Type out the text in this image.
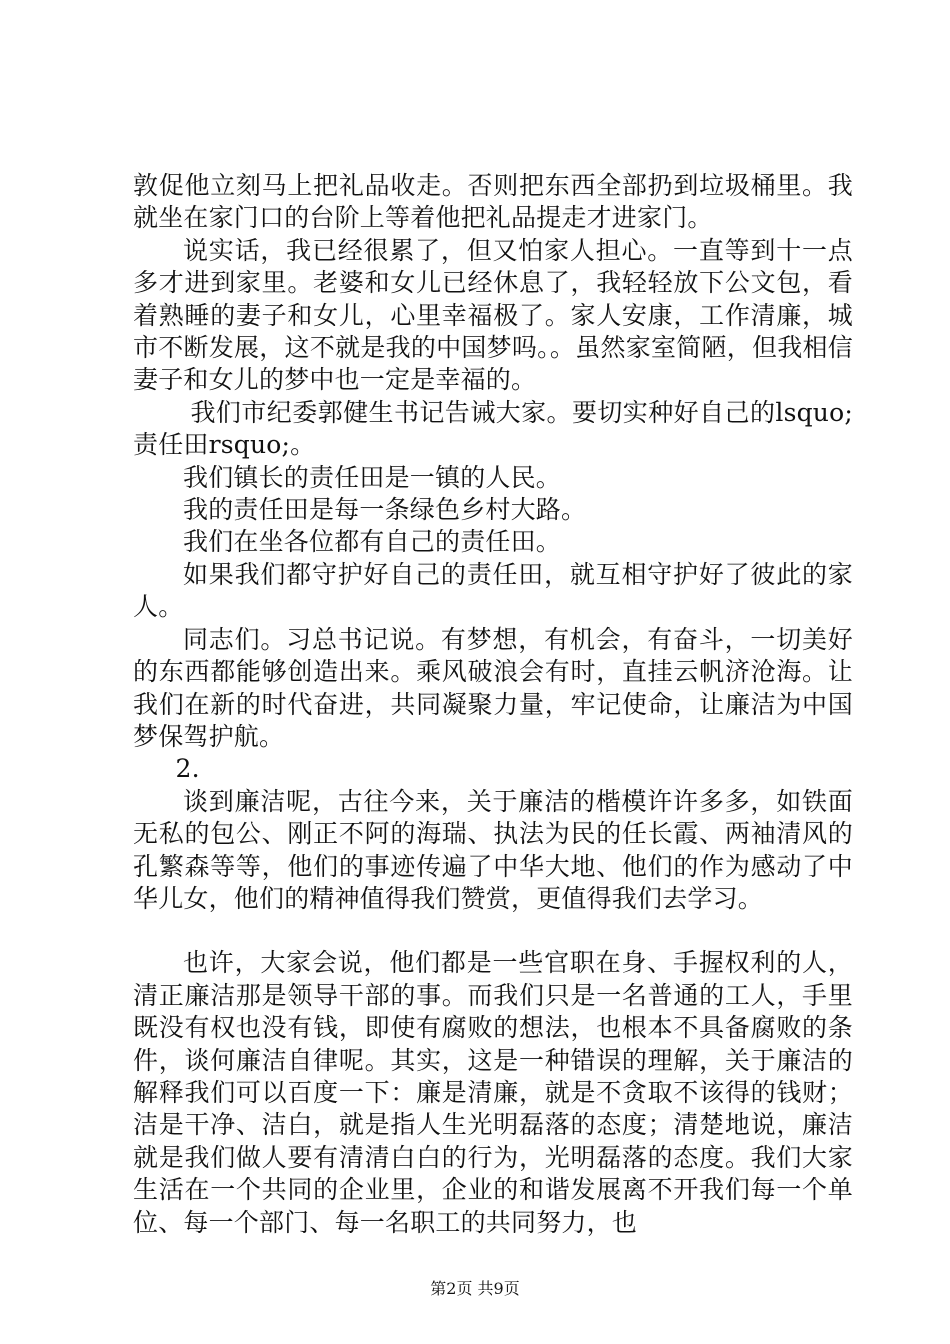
敦促他立刻马上把礼品收走。否则把东西全部扔到垃圾桶里。我就坐在家门口的台阶上等着他把礼品提走才进家门。

说实话，我已经很累了，但又怕家人担心。一直等到十一点多才进到家里。老婆和女儿已经休息了，我轻轻放下公文包，看着熟睡的妻子和女儿，心里幸福极了。家人安康，工作清廉，城市不断发展，这不就是我的中国梦吗。。虽然家室简陋，但我相信妻子和女儿的梦中也一定是幸福的。

我们市纪委郭健生书记告诫大家。要切实种好自己的lsquo;责任田rsquo;。

我们镇长的责任田是一镇的人民。

我的责任田是每一条绿色乡村大路。

我们在坐各位都有自己的责任田。

如果我们都守护好自己的责任田，就互相守护好了彼此的家人。

同志们。习总书记说。有梦想，有机会，有奋斗，一切美好的东西都能够创造出来。乘风破浪会有时，直挂云帆济沧海。让我们在新的时代奋进，共同凝聚力量，牢记使命，让廉洁为中国梦保驾护航。

2.

谈到廉洁呢，古往今来，关于廉洁的楷模许许多多，如铁面无私的包公、刚正不阿的海瑞、执法为民的任长霞、两袖清风的孔繁森等等，他们的事迹传遍了中华大地、他们的作为感动了中华儿女，他们的精神值得我们赞赏，更值得我们去学习。

也许，大家会说，他们都是一些官职在身、手握权利的人，清正廉洁那是领导干部的事。而我们只是一名普通的工人，手里既没有权也没有钱，即使有腐败的想法，也根本不具备腐败的条件，谈何廉洁自律呢。其实，这是一种错误的理解，关于廉洁的解释我们可以百度一下：廉是清廉，就是不贪取不该得的钱财；洁是干净、洁白，就是指人生光明磊落的态度；清楚地说，廉洁就是我们做人要有清清白白的行为，光明磊落的态度。我们大家生活在一个共同的企业里，企业的和谐发展离不开我们每一个单位、每一个部门、每一名职工的共同努力，也

第2页 共9页
